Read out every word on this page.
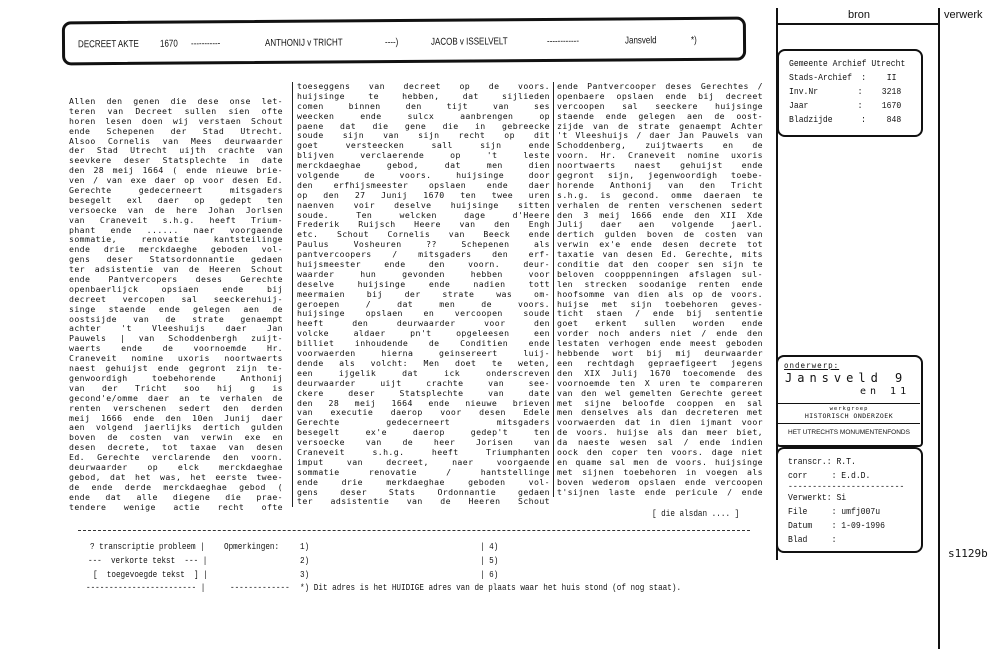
DECREET AKTE 1670 -----------	ANTHONIJ v TRICHT	----)	JACOB v ISSELVELT	------------	Jansveld	*)
Allen den genen die dese onse let-
teren van Decreet sullen sien ofte
horen lesen doen wij verstaen Schout
ende Schepenen der Stad Utrecht.
Alsoo Cornelis van Mees deurwaarder
der Stad Utrecht uijth crachte van
seevkere deser Statsplechte in date
den 28 meij 1664 ( ende nieuwe brie-
ven / van exe daer op voor desen Ed.
Gerechte gedecerneert mitsgaders
besegelt exl daer op gedept ten
versoecke van de here Johan Jorlsen
van Craneveit s.h.g. heeft Trium-
phant ende ...... naer voorgaende
sommatie, renovatie kantsteilinge
ende drie merckdaeghe geboden vol-
gens deser Statsordonnantie gedaen
ter adsistentie van de Heeren Schout
ende Pantvercopers deses Gerechte
openbaerlijck opsiaen ende bij
decreet vercopen sal seeckerehuij-
singe staende ende gelegen aen de
oostsijde van de strate genaempt
achter 't Vleeshuijs daer Jan
Pauwels | van Schoddenbergh zuijt-
waerts ende de voornoemde Hr.
Craneveit nomine uxoris noortwaerts
naest gehuijst ende gegront zijn te-
genwoordigh toebehorende Anthonij
van der Tricht soo hij g is
gecond'e/omme daer an te verhalen de
renten verschenen sedert den derden
meij 1666 ende den 10en Junij daer
aen volgend jaerlijks dertich gulden
boven de costen van verwin exe en
desen decrete, tot taxae van desen
Ed. Gerechte verclarende den voorn.
deurwaarder op elck merckdaeghae
gebod, dat het was, het eerste twee-
de ende derde merckdaeghae gebod (
ende dat alle diegene die prae-
tendere wenige actie recht ofte
toeseggens van decreet op de voors.
huijsinge te hebben, dat sijlieden
comen binnen den tijt van ses
weecken ende sulcx aanbrengen op
paene dat die gene die in gebreecke
soude sijn van sijn recht op dit
goet versteecken sall sijn ende
blijven verclaerende op 't leste
merckdaeghae gebod, dat men dien
volgende de voors. huijsinge door
den erfhijsmeester opslaen ende daer
op den 27 Junij 1670 ten twee uren
naenven voir deselve huijsinge sitten
soude. Ten welcken dage d'Heere
Frederik Ruijsch Heere van den Engh
etc. Schout Cornelis van Beeck ende
Paulus Vosheuren ?? Schepenen als
pantvercoopers / mitsgaders den erf-
huijsmeester ende den voorn. deur-
waarder hun gevonden hebben voor
deselve huijsinge ende nadien tott
meermaien bij der strate was om-
geroepen / dat men de voors.
huijsinge opslaen en vercoopen soude
heeft den deurwaarder voor den
volcke aldaer pn't opgeleesen een
billiet inhoudende de Conditien ende
voorwaerden hierna geinsereert luij-
dende als volcht: Men doet te weten,
een ijgelik dat ick onderscreven
deurwaarder uijt crachte van see-
ckere deser Statsplechte van date
den 28 meij 1664 ende nieuwe brieven
van executie daerop voor desen Edele
Gerechte gedecerneert mitsgaders
besegelt ex'e daerop gedep't ten
versoecke van de heer Jorisen van
Craneveit s.h.g. heeft Triumphanten
imput van decreet, naer voorgaende
sommatie renovatie / hantstellinge
ende drie merkdaeghae geboden vol-
gens deser Stats Ordonnantie gedaen
ter adsistentie van de Heeren Schout
ende Pantvercooper deses Gerechtes /
openbaere opslaen ende bij decreet
vercoopen sal seeckere huijsinge
staende ende gelegen aen de oost-
zijde van de strate genaempt Achter
't Vleeshuijs / daer Jan Pauwels van
Schoddenberg, zuijtwaerts en de
voorn. Hr. Craneveit nomine uxoris
noortwaerts naest gehuijst ende
gegront sijn, jegenwoordigh toebe-
horende Anthonij van den Tricht
s.h.g. is gecond. omme daeraen te
verhalen de renten verschenen sedert
den 3 meij 1666 ende den XII Xde
Julij daer aen volgende jaerl.
dertich gulden boven de costen van
verwin ex'e ende desen decrete tot
taxatie van desen Ed. Gerechte, mits
conditie dat den cooper sen sijn te
beloven coopppenningen afslagen sul-
len strecken soodanige renten ende
hoofsomme van dien als op de voors.
huijse met sijn toebehoren geves-
ticht staen / ende bij sententie
goet erkent sullen worden ende
vorder noch anders niet / ende den
lestaten verhogen ende meest geboden
hebbende wort bij mij deurwaarder
een rechtdagh gepraefigeert jegens
den XIX Julij 1670 toecomende des
voornoemde ten X uren te compareren
van den wel gemelten Gerechte gereet
met sijne beloofde cooppen en sal
men denselves als dan decreteren met
voorwaerden dat in dien ijmant voor
de voors. huijse als dan meer biet,
da naeste wesen sal / ende indien
oock den coper ten voors. dage niet
en quame sal men de voors. huijsinge
met sijnen toebehoren in voegen als
boven wederom opslaen ende vercoopen
t'sijnen laste ende pericule / ende
[ die alsdan .... ]
? transcriptie probleem |
---  verkorte tekst  --- |
[  toegevoegde tekst  ] |
------------------------ |
Opmerkingen: 1)
2)
3)
| 4)
| 5)
| 6)
------------- *) Dit adres is het HUIDIGE adres van de plaats waar het huis stond (of nog staat).
bron	verwerk
Gemeente Archief Utrecht
Stads-Archief :	II
Inv.Nr	:	3218
Jaar	:	1670
Bladzijde	:	848
onderwerp:
Jansveld 9
en 11
werkgroep
HISTORISCH ONDERZOEK
HET UTRECHTS MONUMENTENFONDS
transcr.: R.T.
corr     : E.d.D.
------------------------
Verwerkt: Si
File     : umfj007u
Datum    : 1-09-1996
Blad     :
s1129b
